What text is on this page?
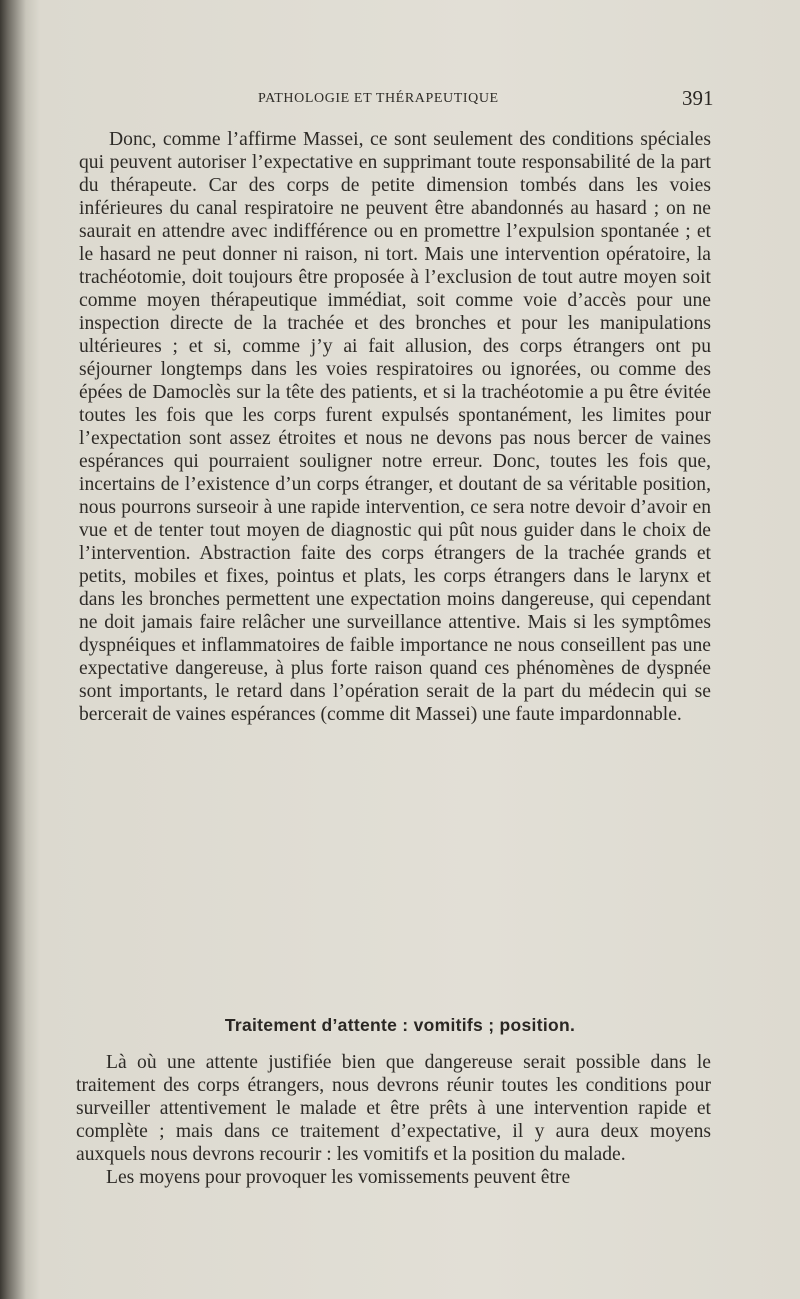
PATHOLOGIE ET THÉRAPEUTIQUE	391

Donc, comme l’affirme Massei, ce sont seulement des conditions spéciales qui peuvent autoriser l’expectative en supprimant toute responsabilité de la part du thérapeute. Car des corps de petite dimension tombés dans les voies inférieures du canal respiratoire ne peuvent être abandonnés au hasard ; on ne saurait en attendre avec indifférence ou en promettre l’expulsion spontanée ; et le hasard ne peut donner ni raison, ni tort. Mais une intervention opératoire, la trachéotomie, doit toujours être proposée à l’exclusion de tout autre moyen soit comme moyen thérapeutique immédiat, soit comme voie d’accès pour une inspection directe de la trachée et des bronches et pour les manipulations ultérieures ; et si, comme j’y ai fait allusion, des corps étrangers ont pu séjourner longtemps dans les voies respiratoires ou ignorées, ou comme des épées de Damoclès sur la tête des patients, et si la trachéotomie a pu être évitée toutes les fois que les corps furent expulsés spontanément, les limites pour l’expectation sont assez étroites et nous ne devons pas nous bercer de vaines espérances qui pourraient souligner notre erreur. Donc, toutes les fois que, incertains de l’existence d’un corps étranger, et doutant de sa véritable position, nous pourrons surseoir à une rapide intervention, ce sera notre devoir d’avoir en vue et de tenter tout moyen de diagnostic qui pût nous guider dans le choix de l’intervention. Abstraction faite des corps étrangers de la trachée grands et petits, mobiles et fixes, pointus et plats, les corps étrangers dans le larynx et dans les bronches permettent une expectation moins dangereuse, qui cependant ne doit jamais faire relâcher une surveillance attentive. Mais si les symptômes dyspnéiques et inflammatoires de faible importance ne nous conseillent pas une expectative dangereuse, à plus forte raison quand ces phénomènes de dyspnée sont importants, le retard dans l’opération serait de la part du médecin qui se bercerait de vaines espérances (comme dit Massei) une faute impardonnable.

Traitement d’attente : vomitifs ; position.

Là où une attente justifiée bien que dangereuse serait possible dans le traitement des corps étrangers, nous devrons réunir toutes les conditions pour surveiller attentivement le malade et être prêts à une intervention rapide et complète ; mais dans ce traitement d’expectative, il y aura deux moyens auxquels nous devrons recourir : les vomitifs et la position du malade.

Les moyens pour provoquer les vomissements peuvent être
